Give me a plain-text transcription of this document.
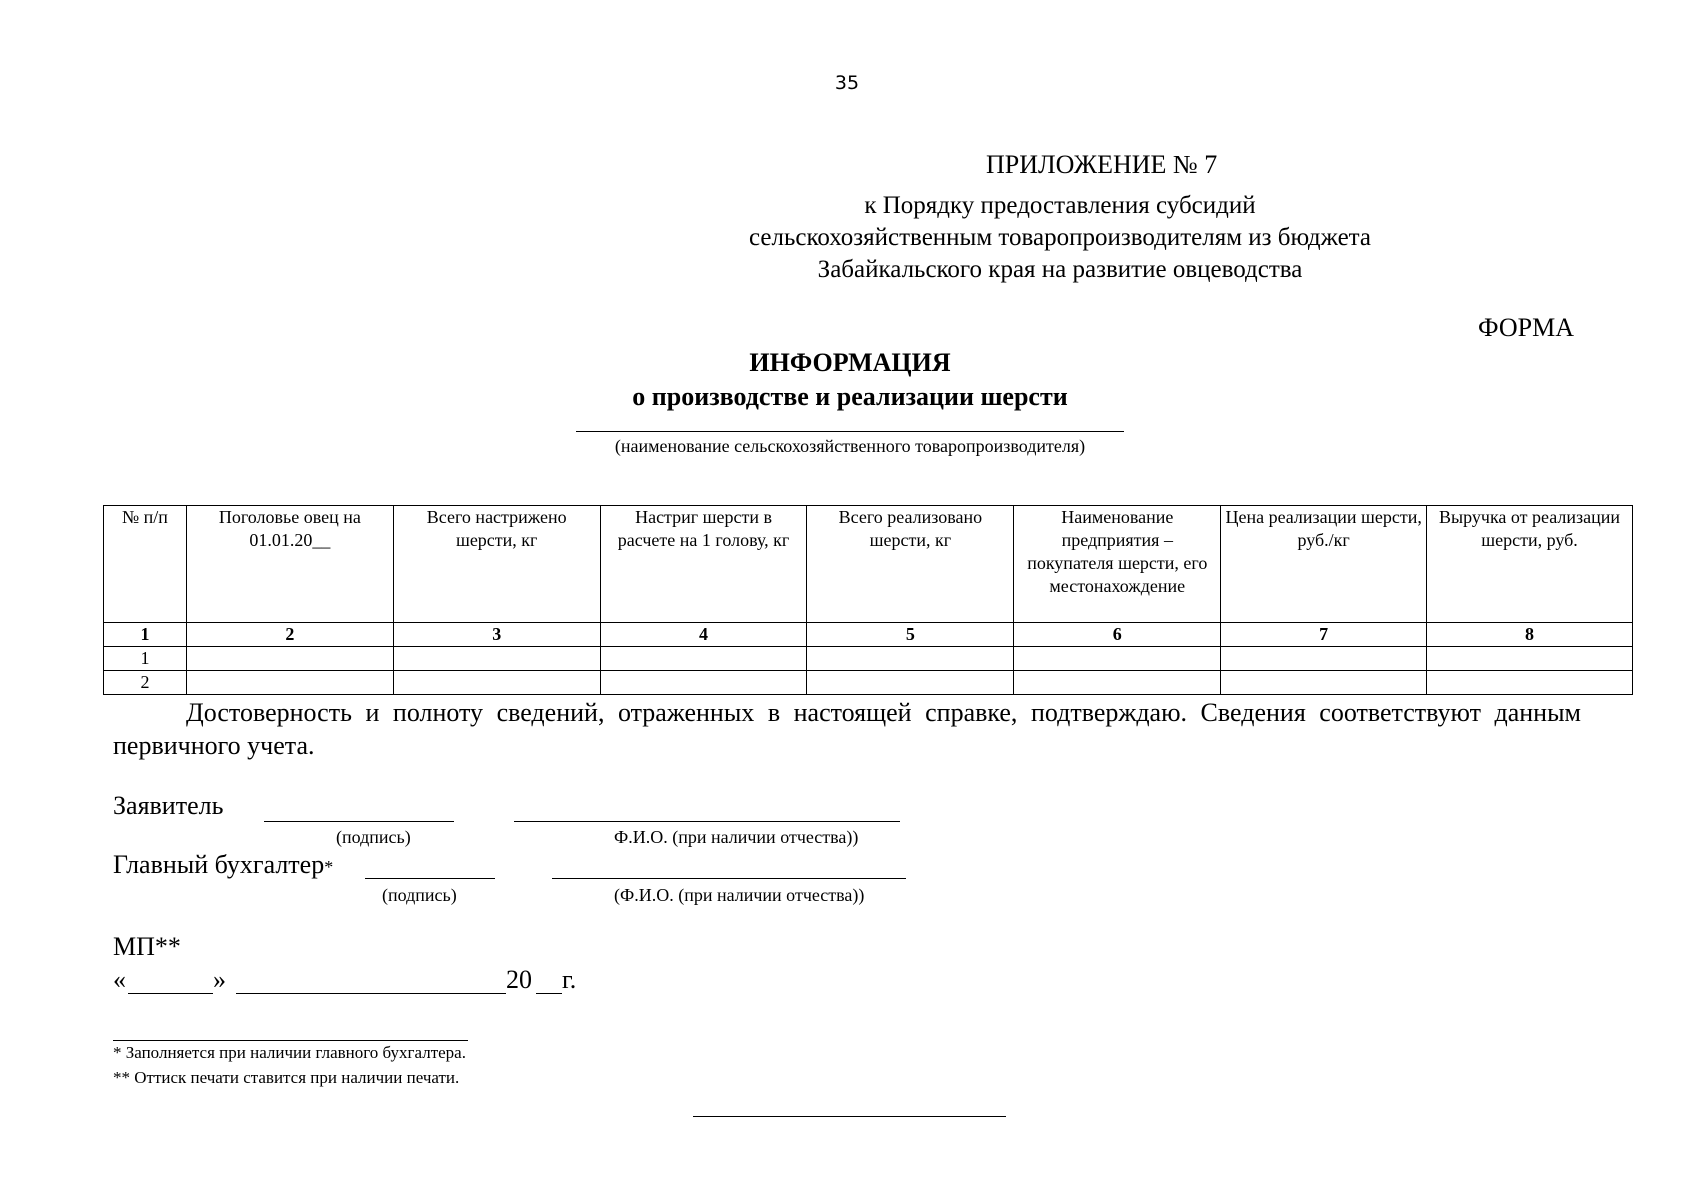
35
ПРИЛОЖЕНИЕ № 7
к Порядку предоставления субсидий
сельскохозяйственным товаропроизводителям из бюджета
Забайкальского края на развитие овцеводства
ФОРМА
ИНФОРМАЦИЯ
о производстве и реализации шерсти
(наименование сельскохозяйственного товаропроизводителя)
№ п/п	Поголовье овец на 01.01.20__	Всего настрижено шерсти, кг	Настриг шерсти в расчете на 1 голову, кг	Всего реализовано шерсти, кг	Наименование предприятия – покупателя шерсти, его местонахождение	Цена реализации шерсти, руб./кг	Выручка от реализации шерсти, руб.
1	2	3	4	5	6	7	8
1							
2							
Достоверность и полноту сведений, отраженных в настоящей справке, подтверждаю. Сведения соответствуют данным первичного учета.
Заявитель
(подпись)	Ф.И.О. (при наличии отчества))
Главный бухгалтер*
(подпись)	(Ф.И.О. (при наличии отчества))
МП**
«	»	20 г.
* Заполняется при наличии главного бухгалтера.
** Оттиск печати ставится при наличии печати.
